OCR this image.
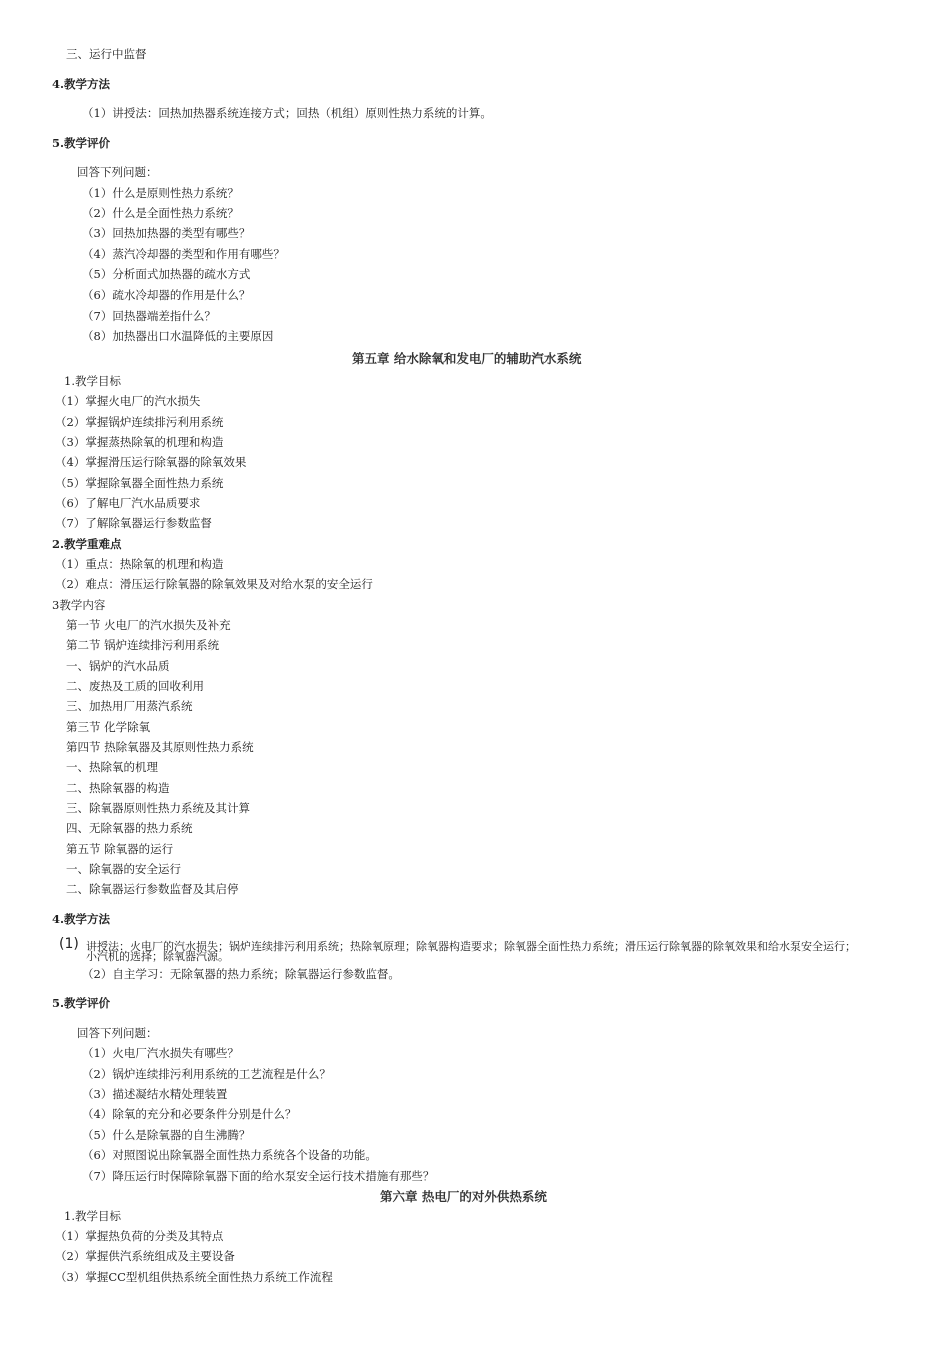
三、运行中监督
4.教学方法
（1）讲授法：回热加热器系统连接方式；回热（机组）原则性热力系统的计算。
5.教学评价
回答下列问题：
（1）什么是原则性热力系统？
（2）什么是全面性热力系统？
（3）回热加热器的类型有哪些？
（4）蒸汽冷却器的类型和作用有哪些？
（5）分析面式加热器的疏水方式
（6）疏水冷却器的作用是什么？
（7）回热器端差指什么？
（8）加热器出口水温降低的主要原因
第五章 给水除氧和发电厂的辅助汽水系统
1.教学目标
（1）掌握火电厂的汽水损失
（2）掌握锅炉连续排污利用系统
（3）掌握蒸热除氧的机理和构造
（4）掌握滑压运行除氧器的除氧效果
（5）掌握除氧器全面性热力系统
（6）了解电厂汽水品质要求
（7）了解除氧器运行参数监督
2.教学重难点
（1）重点：热除氧的机理和构造
（2）难点：滑压运行除氧器的除氧效果及对给水泵的安全运行
3教学内容
第一节 火电厂的汽水损失及补充
第二节 锅炉连续排污利用系统
一、锅炉的汽水品质
二、废热及工质的回收利用
三、加热用厂用蒸汽系统
第三节 化学除氧
第四节 热除氧器及其原则性热力系统
一、热除氧的机理
二、热除氧器的构造
三、除氧器原则性热力系统及其计算
四、无除氧器的热力系统
第五节 除氧器的运行
一、除氧器的安全运行
二、除氧器运行参数监督及其启停
4.教学方法
(1) 讲授法：火电厂的汽水损失；锅炉连续排污利用系统；热除氧原理；除氧器构造要求；除氧器全面性热力系统；滑压运行除氧器的除氧效果和给水泵安全运行；
小汽机的选择；除氧器汽源。
（2）自主学习：无除氧器的热力系统；除氧器运行参数监督。
5.教学评价
回答下列问题：
（1）火电厂汽水损失有哪些？
（2）锅炉连续排污利用系统的工艺流程是什么？
（3）描述凝结水精处理装置
（4）除氧的充分和必要条件分别是什么？
（5）什么是除氧器的自生沸腾？
（6）对照图说出除氧器全面性热力系统各个设备的功能。
（7）降压运行时保障除氧器下面的给水泵安全运行技术措施有那些？
第六章 热电厂的对外供热系统
1.教学目标
（1）掌握热负荷的分类及其特点
（2）掌握供汽系统组成及主要设备
（3）掌握CC型机组供热系统全面性热力系统工作流程
